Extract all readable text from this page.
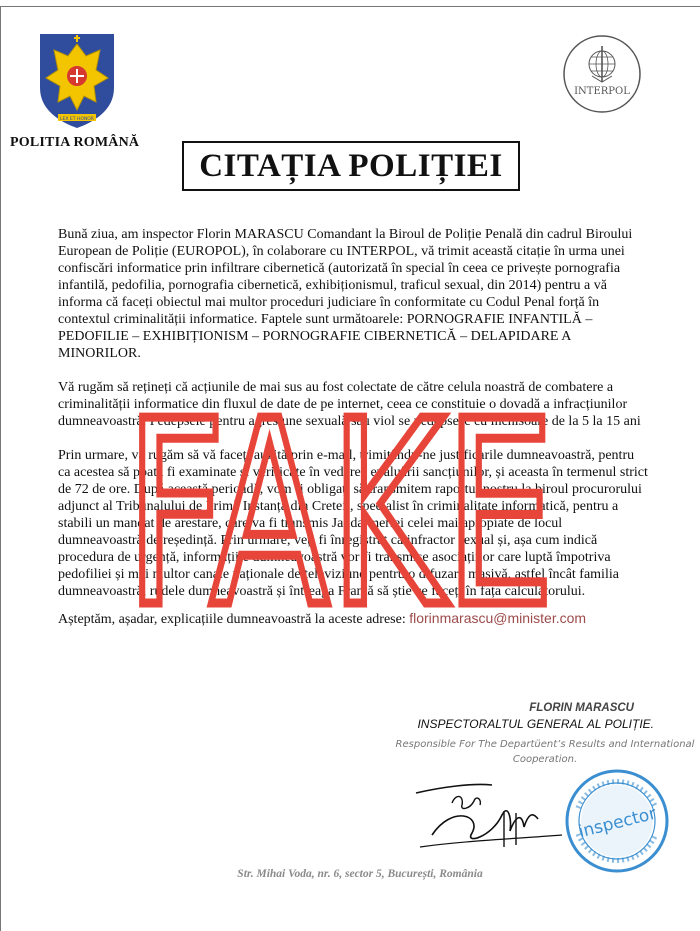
LEX ET HONOR
POLITIA ROMÂNĂ
INTERPOL
CITAȚIA POLIȚIEI

Bună ziua, am inspector Florin MARASCU Comandant la Biroul de Poliție Penală din cadrul Biroului European de Poliție (EUROPOL), în colaborare cu INTERPOL, vă trimit această citație în urma unei confiscări informatice prin infiltrare cibernetică (autorizată în special în ceea ce privește pornografia infantilă, pedofilia, pornografia cibernetică, exhibiționismul, traficul sexual, din 2014) pentru a vă informa că faceți obiectul mai multor proceduri judiciare în conformitate cu Codul Penal forță în contextul criminalității informatice. Faptele sunt următoarele: PORNOGRAFIE INFANTILĂ – PEDOFILIE – EXHIBIȚIONISM – PORNOGRAFIE CIBERNETICĂ – DELAPIDARE A MINORILOR.

Vă rugăm să rețineți că acțiunile de mai sus au fost colectate de către celula noastră de combatere a criminalității informatice din fluxul de date de pe internet, ceea ce constituie o dovadă a infracțiunilor dumneavoastră. Pedepsele pentru agresiune sexuală sau viol se pedepsesc cu închisoare de la 5 la 15 ani

Prin urmare, vă rugăm să vă faceți auzită prin e-mail, trimițându-ne justificarile dumneavoastră, pentru ca acestea să poată fi examinate și verificate în vederea evaluării sancțiunilor, și aceasta în termenul strict de 72 de ore. După această perioadă, vom fi obligați să transmitem raportul nostru la biroul procurorului adjunct al Tribunalului de Primă Instanță din Creteil, specialist în criminalitate informatică, pentru a stabili un mandat de arestare, care va fi transmis Jandarmeriei celei mai apropiate de locul dumneavoastră de reședință. Prin urmare, veți fi înregistrat ca infractor sexual și, așa cum indică procedura de urgență, informațiile dumneavoastră vor fi transmise asociațiilor care luptă împotriva pedofiliei și mai multor canale naționale de televiziune pentru o difuzare masivă, astfel încât familia dumneavoastră, rudele dumneavoastră și întreaga Franță să știe ce faceți în fața calculatorului.

Așteptăm, așadar, explicațiile dumneavoastră la aceste adrese: florinmarascu@minister.com

FAKE
FLORIN MARASCU
INSPECTORALTUL GENERAL AL POLIȚIE.
Responsible For The Departüent’s Results and International
Cooperation.
inspector
Str. Mihai Voda, nr. 6, sector 5, București, România
